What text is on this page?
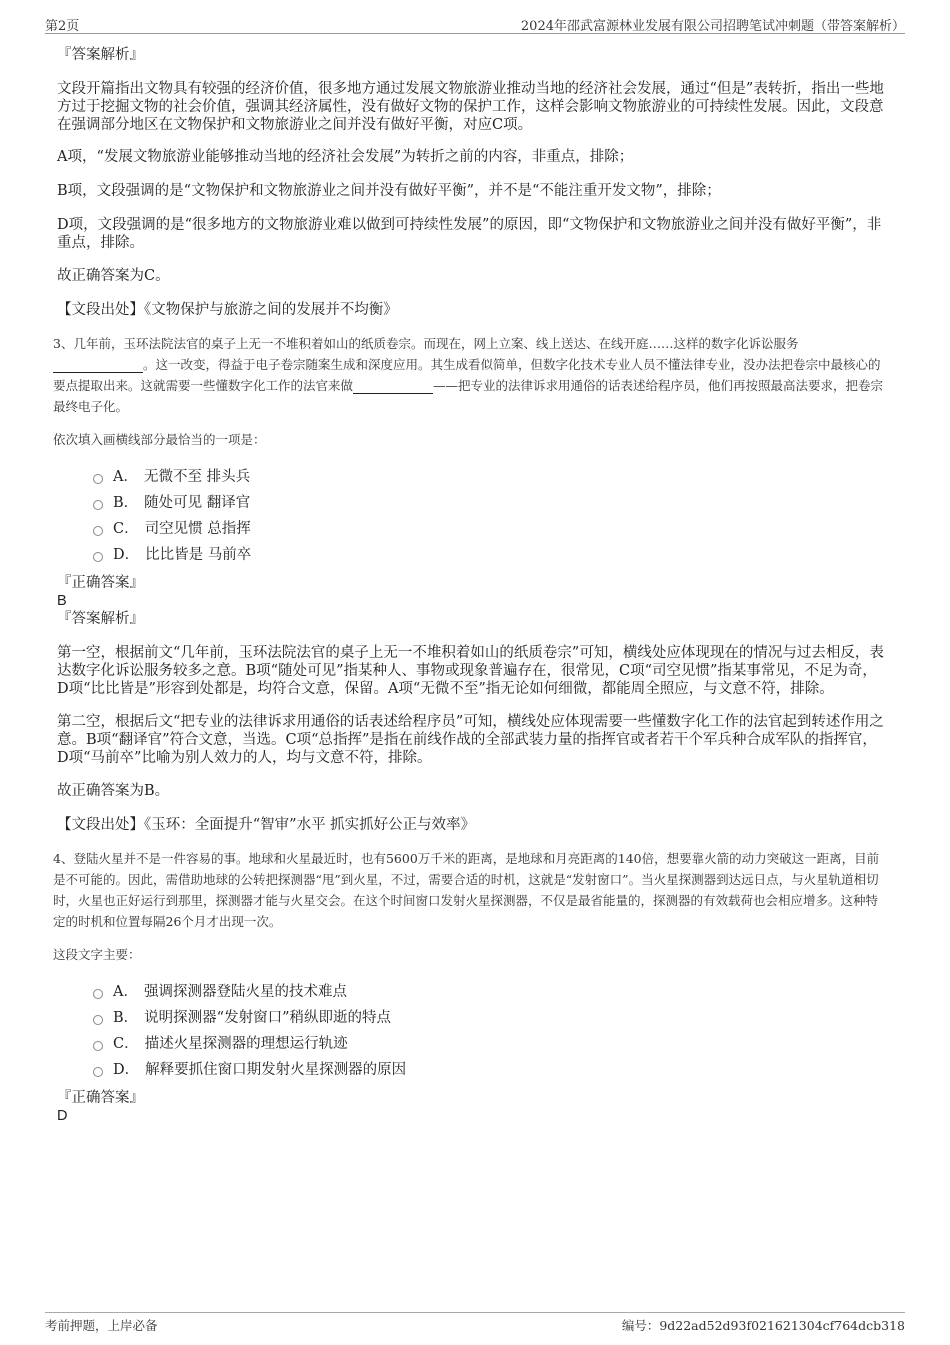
第2页	2024年邵武富源林业发展有限公司招聘笔试冲刺题（带答案解析）
『答案解析』
文段开篇指出文物具有较强的经济价值，很多地方通过发展文物旅游业推动当地的经济社会发展，通过“但是”表转折，指出一些地方过于挖掘文物的社会价值，强调其经济属性，没有做好文物的保护工作，这样会影响文物旅游业的可持续性发展。因此，文段意在强调部分地区在文物保护和文物旅游业之间并没有做好平衡，对应C项。
A项，“发展文物旅游业能够推动当地的经济社会发展”为转折之前的内容，非重点，排除；
B项，文段强调的是“文物保护和文物旅游业之间并没有做好平衡”，并不是“不能注重开发文物”，排除；
D项，文段强调的是“很多地方的文物旅游业难以做到可持续性发展”的原因，即“文物保护和文物旅游业之间并没有做好平衡”，非重点，排除。
故正确答案为C。
【文段出处】《文物保护与旅游之间的发展并不均衡》
3、几年前，玉环法院法官的桌子上无一不堆积着如山的纸质卷宗。而现在，网上立案、线上送达、在线开庭……这样的数字化诉讼服务。这一改变，得益于电子卷宗随案生成和深度应用。其生成看似简单，但数字化技术专业人员不懂法律专业，没办法把卷宗中最核心的要点提取出来。这就需要一些懂数字化工作的法官来做	——把专业的法律诉求用通俗的话表述给程序员，他们再按照最高法要求，把卷宗最终电子化。
依次填入画横线部分最恰当的一项是：
A． 无微不至 排头兵
B． 随处可见 翻译官
C． 司空见惯 总指挥
D． 比比皆是 马前卒
『正确答案』
B
『答案解析』
第一空，根据前文“几年前，玉环法院法官的桌子上无一不堆积着如山的纸质卷宗”可知，横线处应体现现在的情况与过去相反，表达数字化诉讼服务较多之意。B项“随处可见”指某种人、事物或现象普遍存在，很常见，C项“司空见惯”指某事常见，不足为奇，D项“比比皆是”形容到处都是，均符合文意，保留。A项“无微不至”指无论如何细微，都能周全照应，与文意不符，排除。
第二空，根据后文“把专业的法律诉求用通俗的话表述给程序员”可知，横线处应体现需要一些懂数字化工作的法官起到转述作用之意。B项“翻译官”符合文意，当选。C项“总指挥”是指在前线作战的全部武装力量的指挥官或者若干个军兵种合成军队的指挥官，D项“马前卒”比喻为别人效力的人，均与文意不符，排除。
故正确答案为B。
【文段出处】《玉环：全面提升“智审”水平 抓实抓好公正与效率》
4、登陆火星并不是一件容易的事。地球和火星最近时，也有5600万千米的距离，是地球和月亮距离的140倍，想要靠火箭的动力突破这一距离，目前是不可能的。因此，需借助地球的公转把探测器“甩”到火星，不过，需要合适的时机，这就是“发射窗口”。当火星探测器到达远日点，与火星轨道相切时，火星也正好运行到那里，探测器才能与火星交会。在这个时间窗口发射火星探测器，不仅是最省能量的，探测器的有效载荷也会相应增多。这种特定的时机和位置每隔26个月才出现一次。
这段文字主要：
A． 强调探测器登陆火星的技术难点
B． 说明探测器“发射窗口”稍纵即逝的特点
C． 描述火星探测器的理想运行轨迹
D． 解释要抓住窗口期发射火星探测器的原因
『正确答案』
D
考前押题，上岸必备	编号：9d22ad52d93f021621304cf764dcb318
